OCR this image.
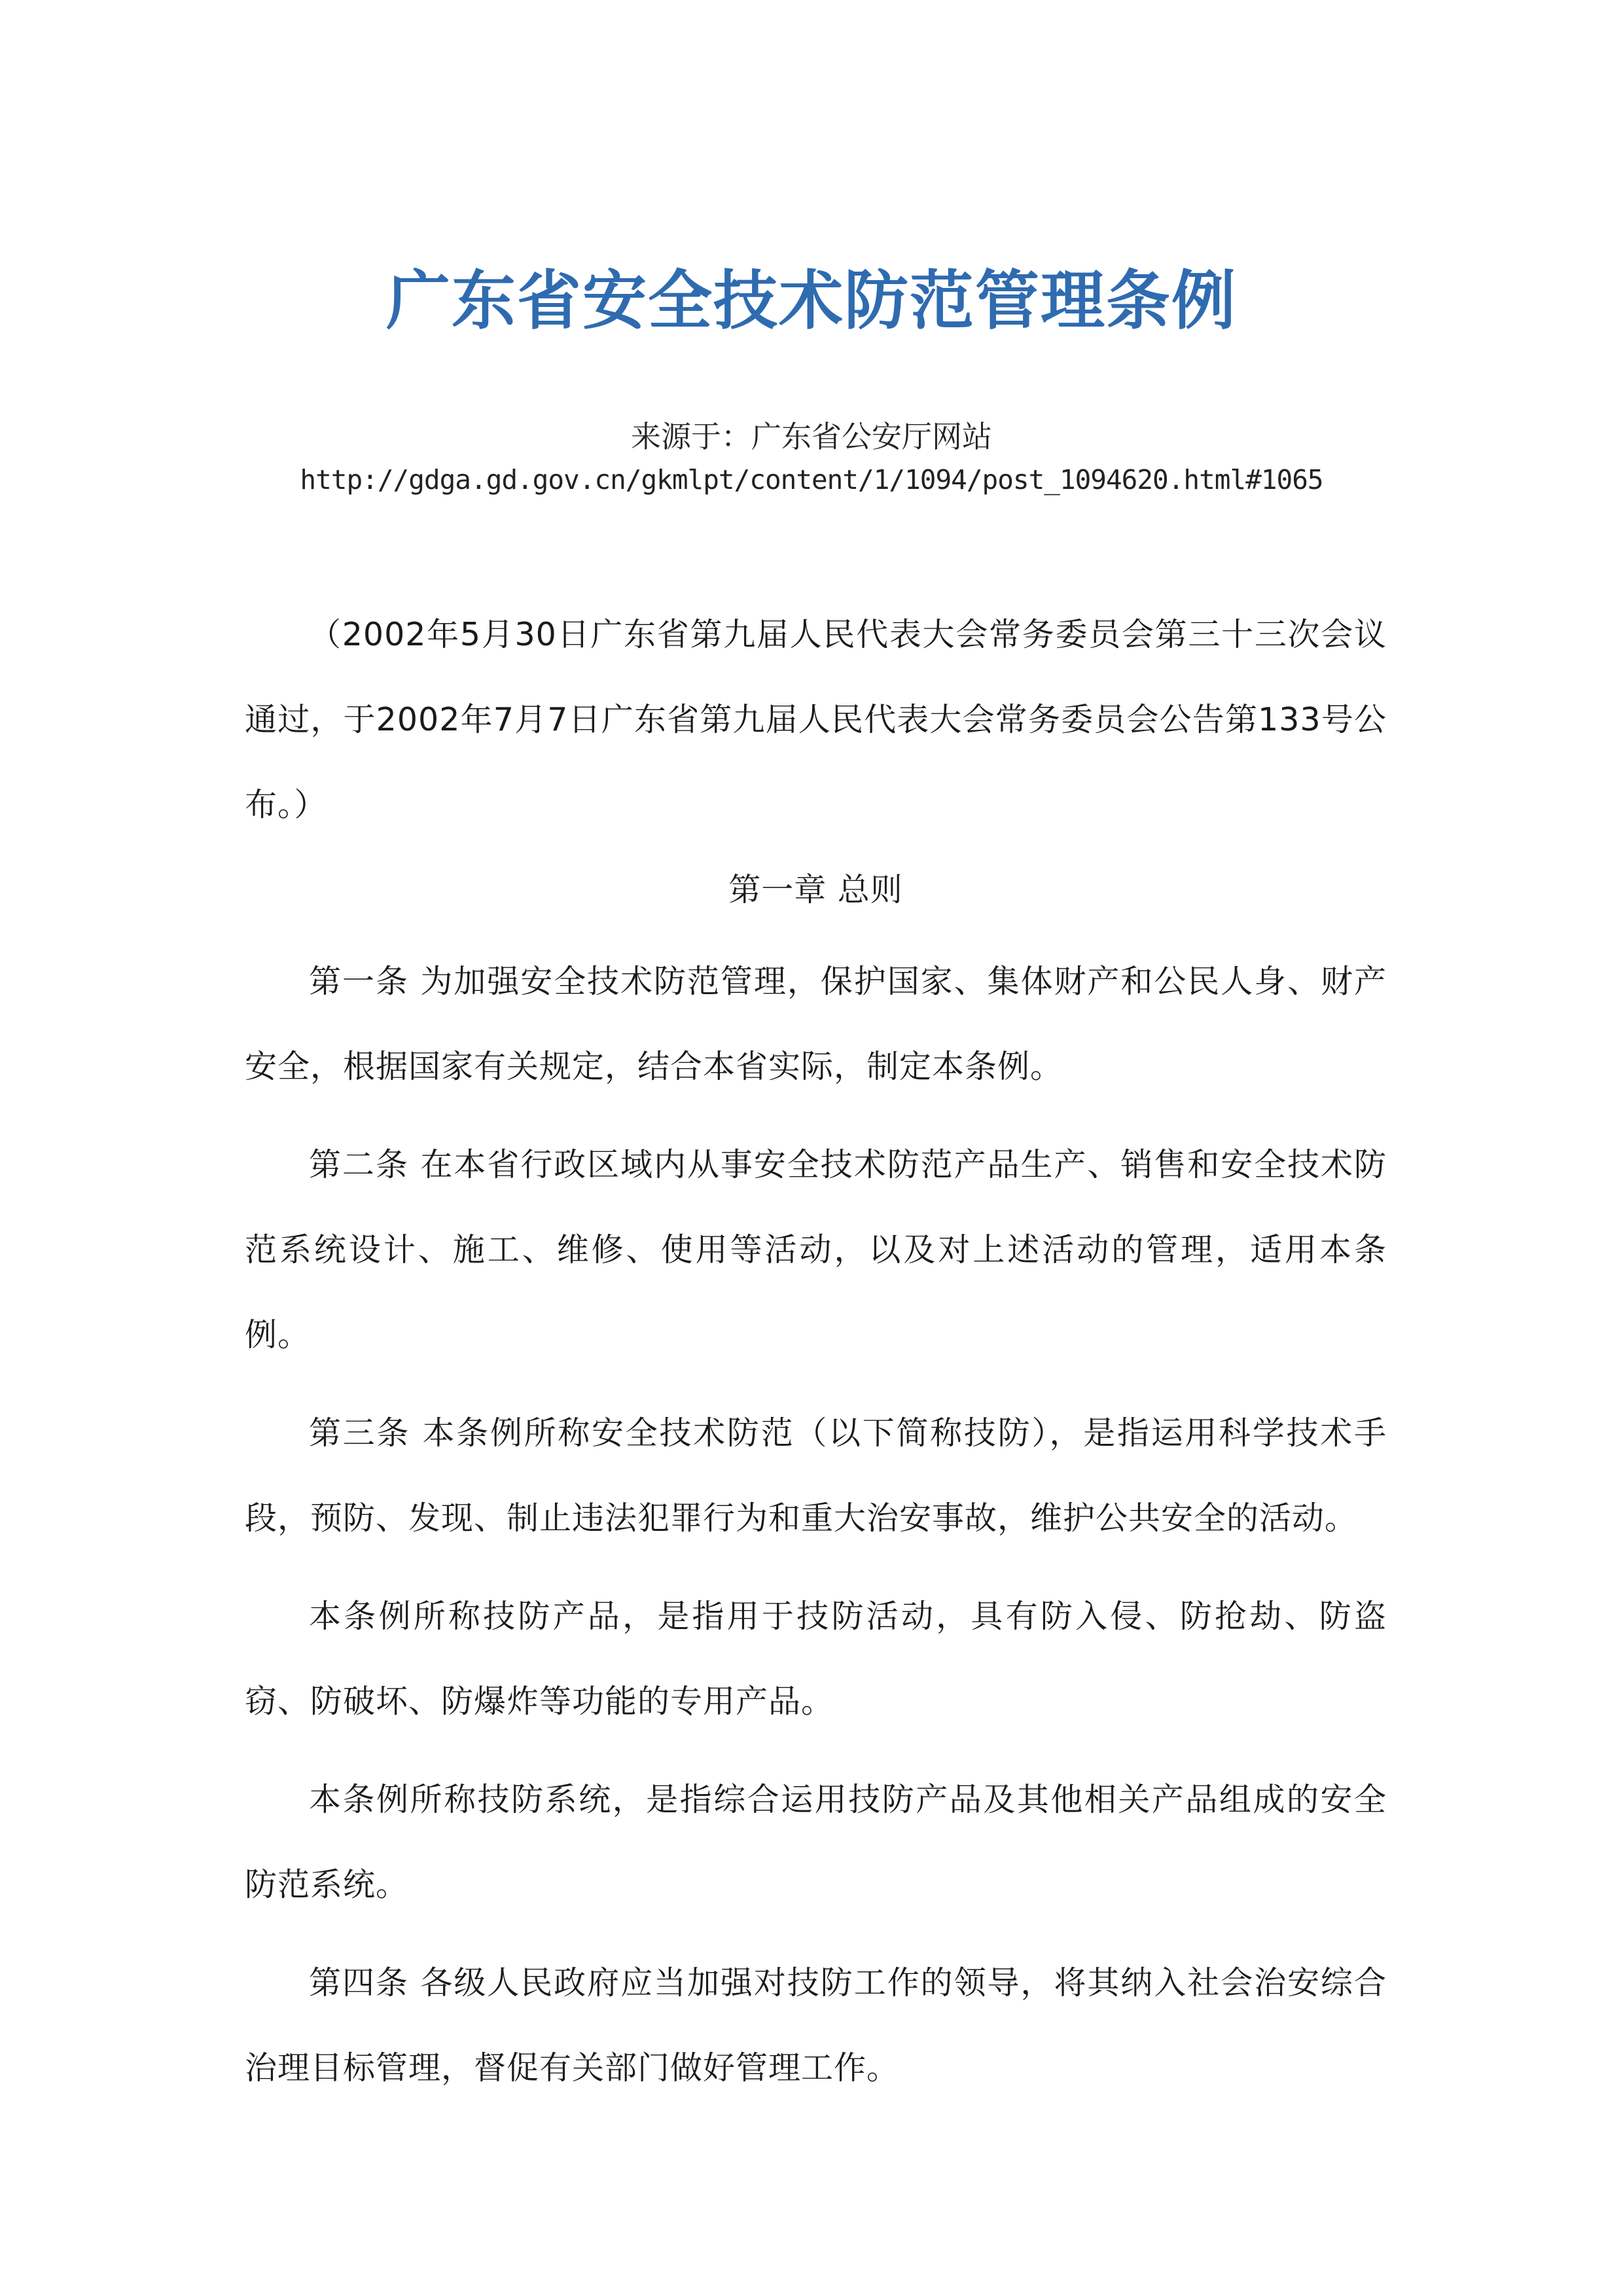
广东省安全技术防范管理条例
来源于：广东省公安厅网站
http://gdga.gd.gov.cn/gkmlpt/content/1/1094/post_1094620.html#1065

（2002年5月30日广东省第九届人民代表大会常务委员会第三十三次会议通过，于2002年7月7日广东省第九届人民代表大会常务委员会公告第133号公布。）

第一章 总则

第一条 为加强安全技术防范管理，保护国家、集体财产和公民人身、财产安全，根据国家有关规定，结合本省实际，制定本条例。

第二条 在本省行政区域内从事安全技术防范产品生产、销售和安全技术防范系统设计、施工、维修、使用等活动，以及对上述活动的管理，适用本条例。

第三条 本条例所称安全技术防范（以下简称技防），是指运用科学技术手段，预防、发现、制止违法犯罪行为和重大治安事故，维护公共安全的活动。

本条例所称技防产品，是指用于技防活动，具有防入侵、防抢劫、防盗窃、防破坏、防爆炸等功能的专用产品。

本条例所称技防系统，是指综合运用技防产品及其他相关产品组成的安全防范系统。

第四条 各级人民政府应当加强对技防工作的领导，将其纳入社会治安综合治理目标管理，督促有关部门做好管理工作。
